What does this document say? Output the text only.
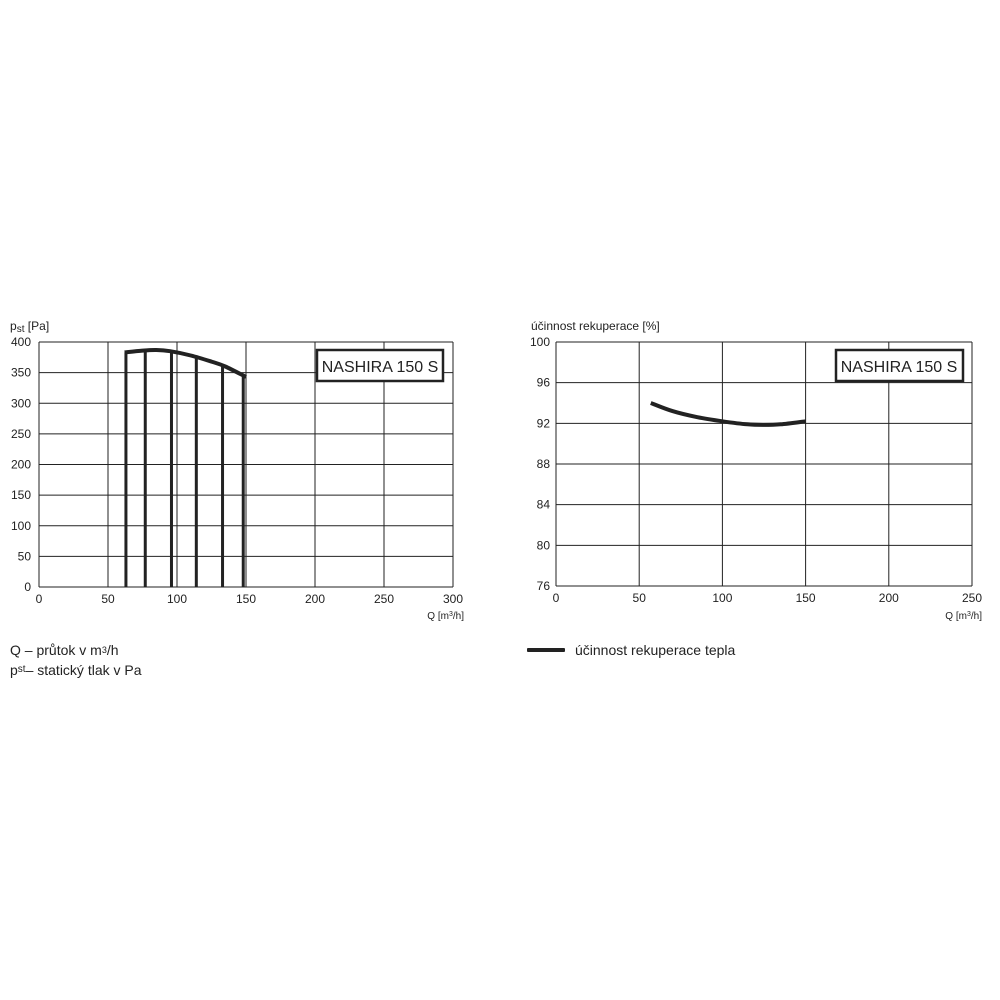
0
50
100
150
200
250
300
350
400
0	50	100	150	200	250	300
NASHIRA 150 S
pst [Pa]
Q $[m^3/h]$
76
80
84
88
92
96
100
0	50	100	150	200	250
NASHIRA 150 S
účinnost rekuperace [%]
Q $[m^3/h]$
Q – průtok v m 3 /h
p st – statický tlak v Pa
účinnost rekuperace tepla
